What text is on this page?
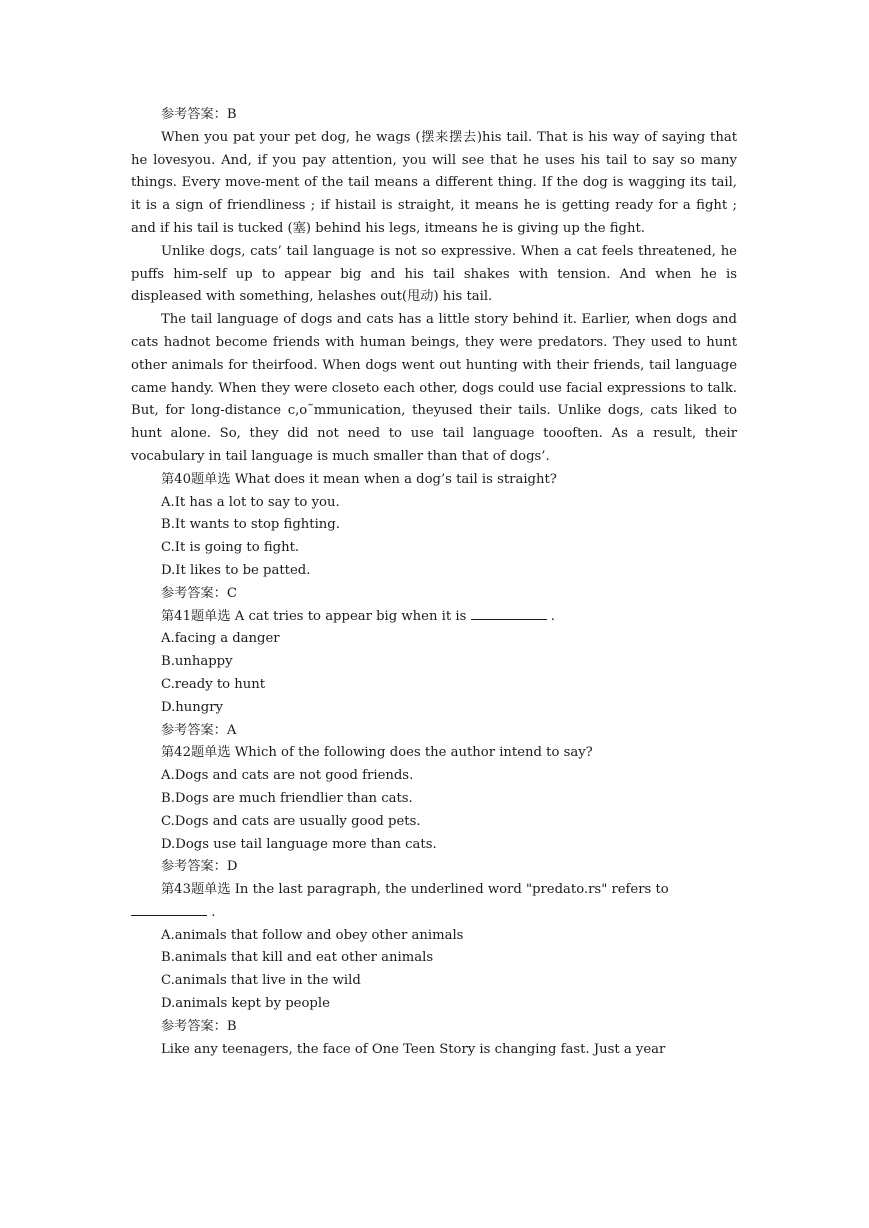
参考答案：B

When you pat your pet dog, he wags (摆来摆去)his tail. That is his way of saying that he lovesyou. And, if you pay attention, you will see that he uses his tail to say so many things. Every move-ment of the tail means a different thing. If the dog is wagging its tail, it is a sign of friendliness ; if histail is straight, it means he is getting ready for a fight ; and if his tail is tucked (塞) behind his legs, itmeans he is giving up the fight.

Unlike dogs, cats’ tail language is not so expressive. When a cat feels threatened, he puffs him-self up to appear big and his tail shakes with tension. And when he is displeased with something, helashes out(甩动) his tail.

The tail language of dogs and cats has a little story behind it. Earlier, when dogs and cats hadnot become friends with human beings, they were predators. They used to hunt other animals for theirfood. When dogs went out hunting with their friends, tail language came handy. When they were closeto each other, dogs could use facial expressions to talk. But, for long-distance c,o˜mmunication, theyused their tails. Unlike dogs, cats liked to hunt alone. So, they did not need to use tail language toooften. As a result, their vocabulary in tail language is much smaller than that of dogs’.

第40题单选 What does it mean when a dog’s tail is straight?
A.It has a lot to say to you.
B.It wants to stop fighting.
C.It is going to fight.
D.It likes to be patted.
参考答案：C
第41题单选 A cat tries to appear big when it is	.
A.facing a danger
B.unhappy
C.ready to hunt
D.hungry
参考答案：A
第42题单选 Which of the following does the author intend to say?
A.Dogs and cats are not good friends.
B.Dogs are much friendlier than cats.
C.Dogs and cats are usually good pets.
D.Dogs use tail language more than cats.
参考答案：D
第43题单选 In the last paragraph, the underlined word "predato.rs" refers to
.
A.animals that follow and obey other animals
B.animals that kill and eat other animals
C.animals that live in the wild
D.animals kept by people
参考答案：B
Like any teenagers, the face of One Teen Story is changing fast. Just a year
